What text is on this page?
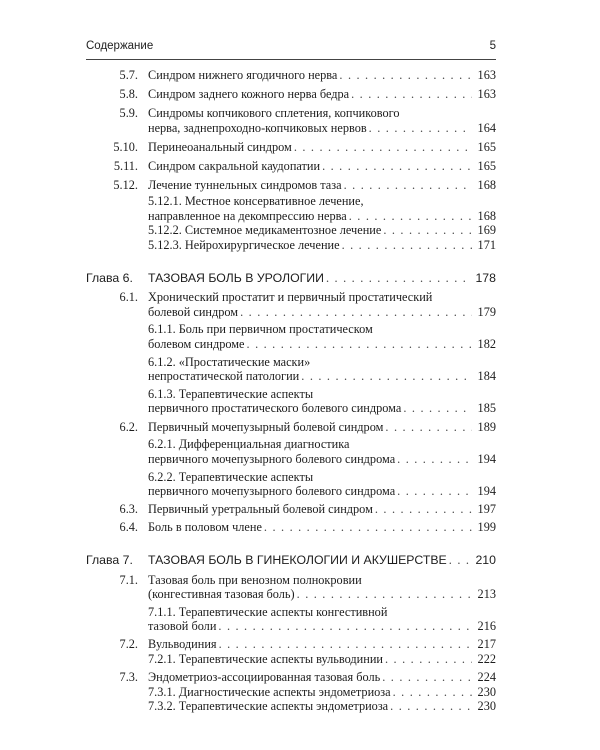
Содержание	5
5.7. Синдром нижнего ягодичного нерва . . .	163
5.8. Синдром заднего кожного нерва бедра . . .	163
5.9. Синдромы копчикового сплетения, копчикового
нерва, заднепроходно-копчиковых нервов . . .	164
5.10. Перинеоанальный синдром . . .	165
5.11. Синдром сакральной каудопатии . . .	165
5.12. Лечение туннельных синдромов таза . . .	168
5.12.1. Местное консервативное лечение,
направленное на декомпрессию нерва . . .	168
5.12.2. Системное медикаментозное лечение . . .	169
5.12.3. Нейрохирургическое лечение . . .	171
Глава 6.	ТАЗОВАЯ БОЛЬ В УРОЛОГИИ . . .	178
6.1. Хронический простатит и первичный простатический
болевой синдром . . .	179
6.1.1. Боль при первичном простатическом
болевом синдроме . . .	182
6.1.2. «Простатические маски»
непростатической патологии . . .	184
6.1.3. Терапевтические аспекты
первичного простатического болевого синдрома . . .	185
6.2. Первичный мочепузырный болевой синдром . . .	189
6.2.1. Дифференциальная диагностика
первичного мочепузырного болевого синдрома . . .	194
6.2.2. Терапевтические аспекты
первичного мочепузырного болевого синдрома . . .	194
6.3. Первичный уретральный болевой синдром . . .	197
6.4. Боль в половом члене . . .	199
Глава 7.	ТАЗОВАЯ БОЛЬ В ГИНЕКОЛОГИИ И АКУШЕРСТВЕ . . . 210
7.1. Тазовая боль при венозном полнокровии
(конгестивная тазовая боль) . . .	213
7.1.1. Терапевтические аспекты конгестивной
тазовой боли . . .	216
7.2. Вульводиния . . .	217
7.2.1. Терапевтические аспекты вульводинии . . .	222
7.3. Эндометриоз-ассоциированная тазовая боль . . .	224
7.3.1. Диагностические аспекты эндометриоза . . .	230
7.3.2. Терапевтические аспекты эндометриоза . . .	230
